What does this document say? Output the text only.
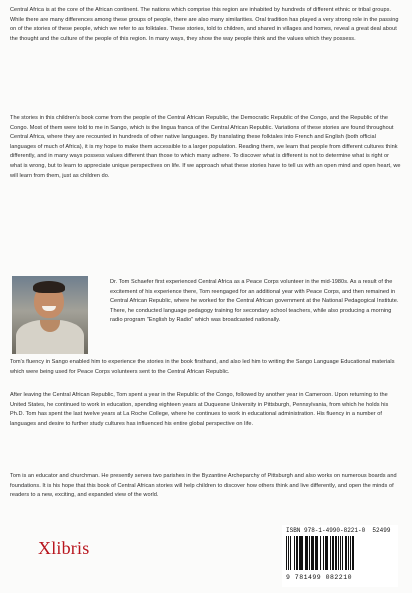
Central Africa is at the core of the African continent. The nations which comprise this region are inhabited by hundreds of different ethnic or tribal groups. While there are many differences among these groups of people, there are also many similarities. Oral tradition has played a very strong role in the passing on of the stories of these people, which we refer to as folktales. These stories, told to children, and shared in villages and homes, reveal a great deal about the thought and the culture of the people of this region. In many ways, they show the way people think and the values which they possess.

The stories in this children's book come from the people of the Central African Republic, the Democratic Republic of the Congo, and the Republic of the Congo. Most of them were told to me in Sango, which is the lingua franca of the Central African Republic. Variations of these stories are found throughout Central Africa, where they are recounted in hundreds of other native languages. By translating these folktales into French and English (both official languages of much of Africa), it is my hope to make them accessible to a larger population. Reading them, we learn that people from different cultures think differently, and in many ways possess values different than those to which many adhere. To discover what is different is not to determine what is right or what is wrong, but to learn to appreciate unique perspectives on life. If we approach what these stories have to tell us with an open mind and open heart, we will learn from them, just as children do.

Dr. Tom Schaefer first experienced Central Africa as a Peace Corps volunteer in the mid-1980s. As a result of the excitement of his experience there, Tom reengaged for an additional year with Peace Corps, and then remained in Central African Republic, where he worked for the Central African government at the National Pedagogical Institute. There, he conducted language pedagogy training for secondary school teachers, while also producing a morning radio program "English by Radio" which was broadcasted nationally.

Tom's fluency in Sango enabled him to experience the stories in the book firsthand, and also led him to writing the Sango Language Educational materials which were being used for Peace Corps volunteers sent to the Central African Republic.

After leaving the Central African Republic, Tom spent a year in the Republic of the Congo, followed by another year in Cameroon. Upon returning to the United States, he continued to work in education, spending eighteen years at Duquesne University in Pittsburgh, Pennsylvania, from which he holds his Ph.D. Tom has spent the last twelve years at La Roche College, where he continues to work in educational administration. His fluency in a number of languages and desire to further study cultures has influenced his entire global perspective on life.

Tom is an educator and churchman. He presently serves two parishes in the Byzantine Archeparchy of Pittsburgh and also works on numerous boards and foundations. It is his hope that this book of Central African stories will help children to discover how others think and live differently, and open the minds of readers to a new, exciting, and expanded view of the world.

Xlibris
ISBN 978-1-4990-8221-0 52499
9 781499 082210
